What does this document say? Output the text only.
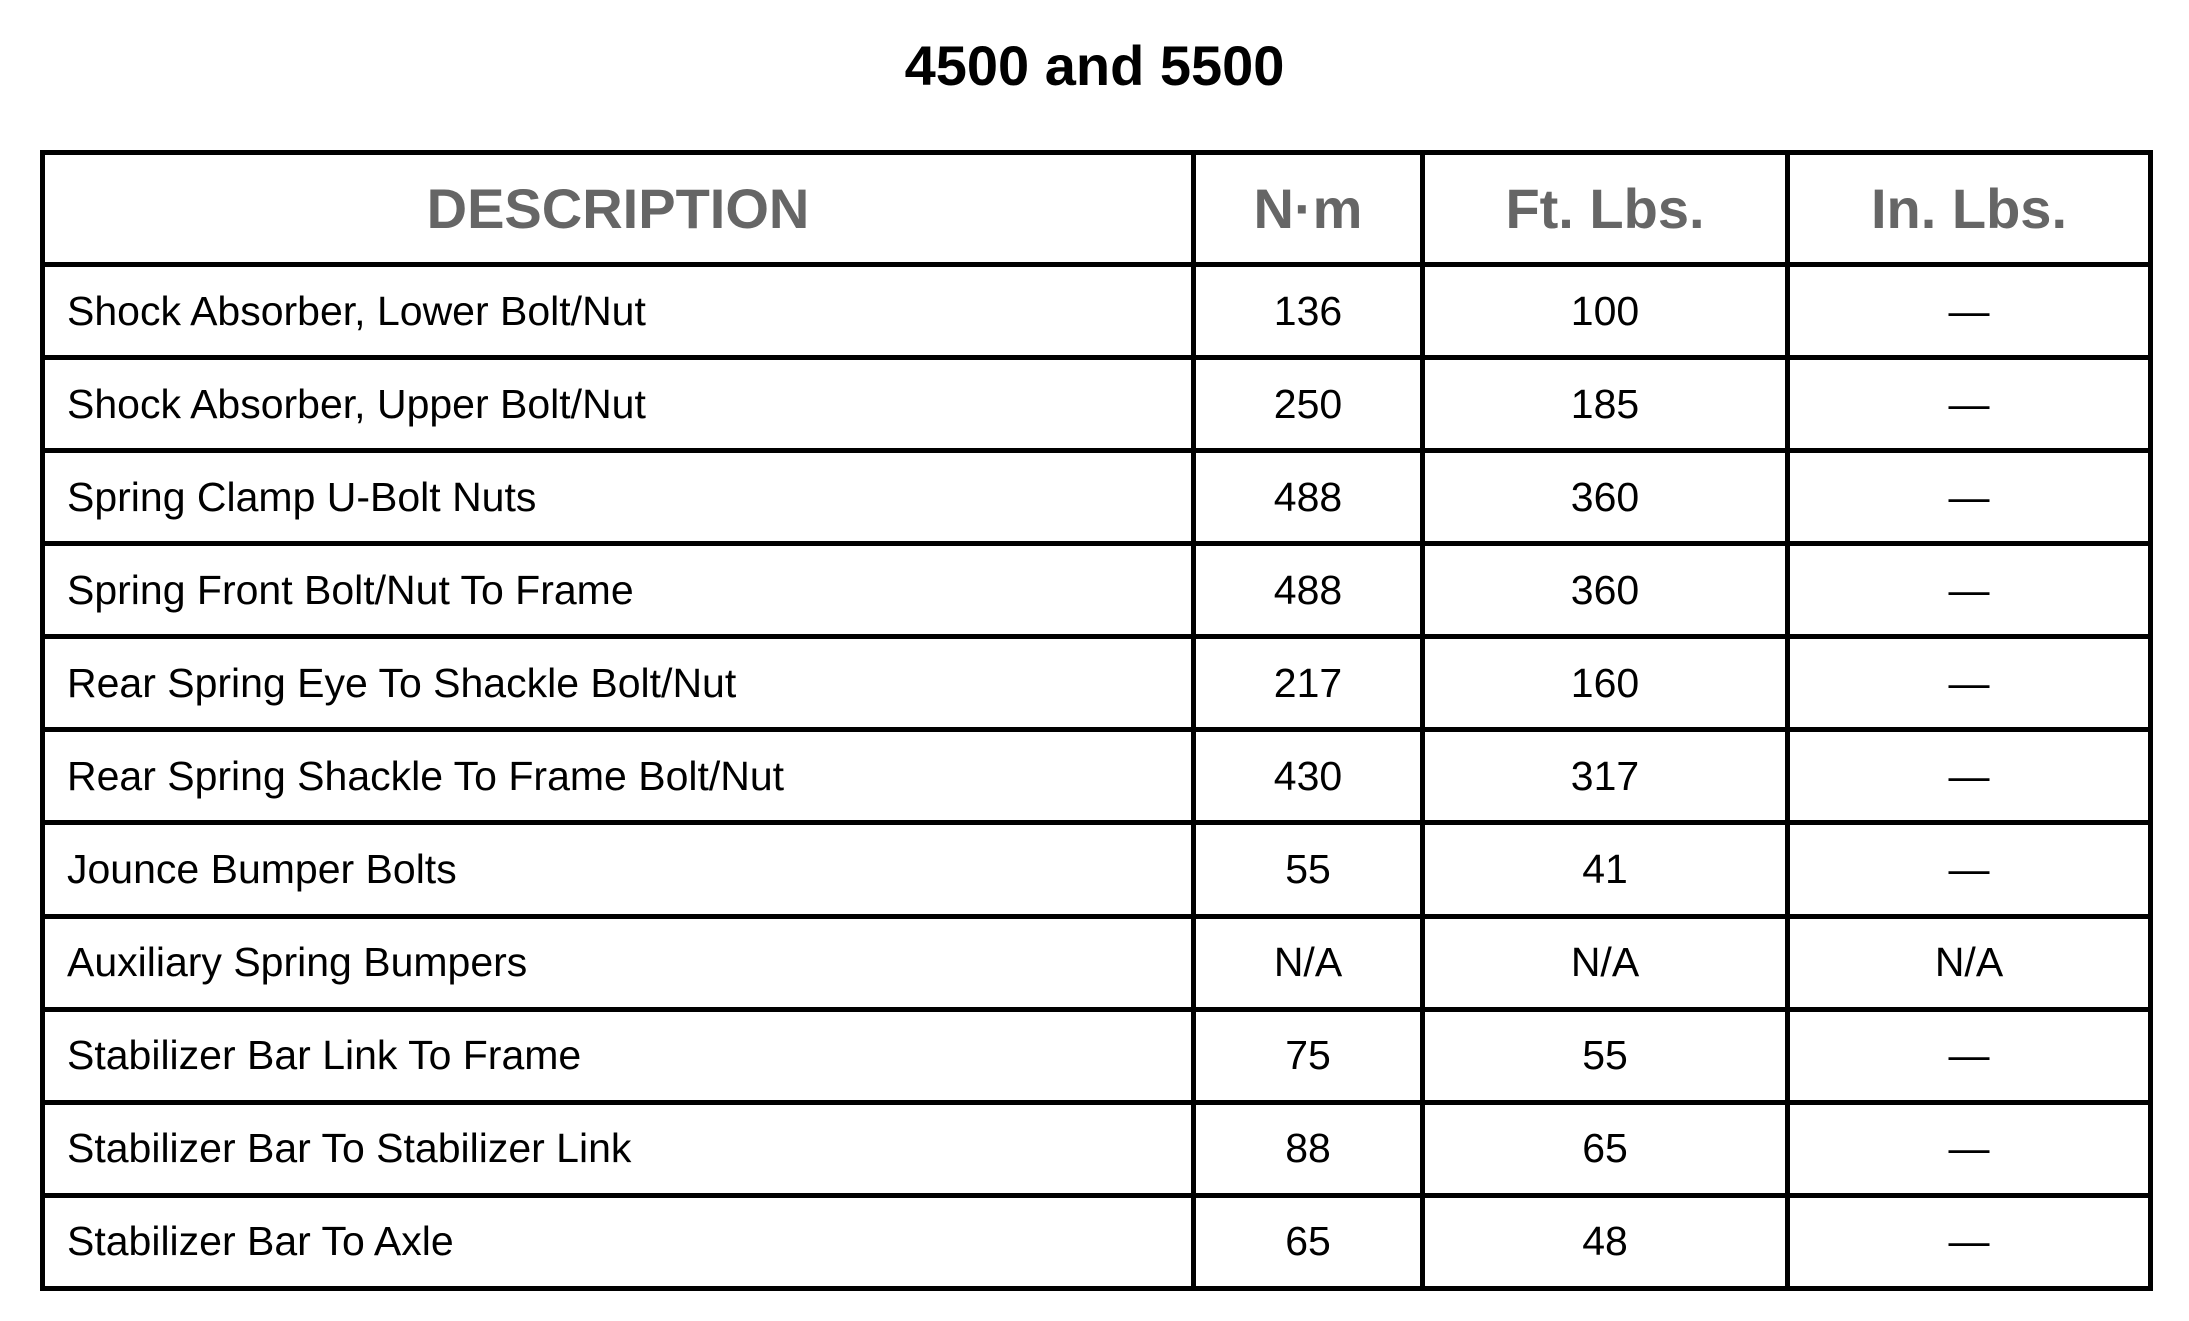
4500 and 5500
DESCRIPTION	N·m	Ft. Lbs.	In. Lbs.
Shock Absorber, Lower Bolt/Nut	136	100	—
Shock Absorber, Upper Bolt/Nut	250	185	—
Spring Clamp U-Bolt Nuts	488	360	—
Spring Front Bolt/Nut To Frame	488	360	—
Rear Spring Eye To Shackle Bolt/Nut	217	160	—
Rear Spring Shackle To Frame Bolt/Nut	430	317	—
Jounce Bumper Bolts	55	41	—
Auxiliary Spring Bumpers	N/A	N/A	N/A
Stabilizer Bar Link To Frame	75	55	—
Stabilizer Bar To Stabilizer Link	88	65	—
Stabilizer Bar To Axle	65	48	—
